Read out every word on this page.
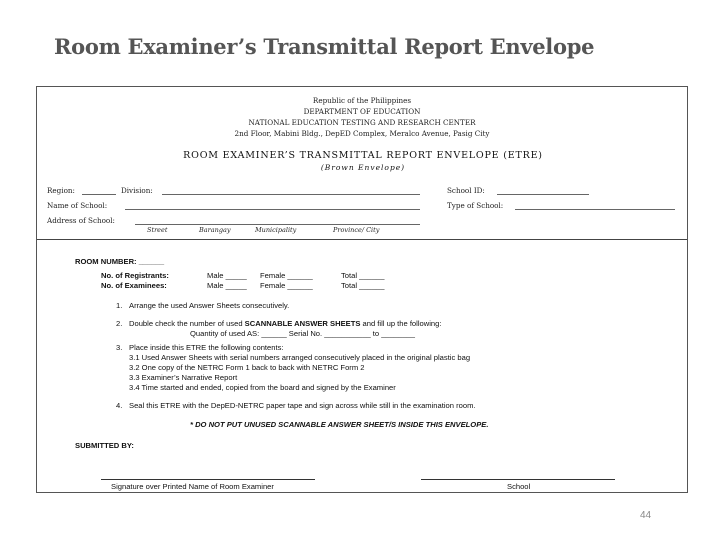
Room Examiner’s Transmittal Report Envelope
Republic of the Philippines
DEPARTMENT OF EDUCATION
NATIONAL EDUCATION TESTING AND RESEARCH CENTER
2nd Floor, Mabini Bldg., DepED Complex, Meralco Avenue, Pasig City
ROOM EXAMINER’S TRANSMITTAL REPORT ENVELOPE (ETRE)
(Brown Envelope)
Region:	Division:	School ID:
Name of School:	Type of School:
Address of School:
Street	Barangay	Municipality	Province/ City
ROOM NUMBER: ______
No. of Registrants:	Male _____ Female ______	Total ______
No. of Examinees:	Male _____ Female ______	Total ______
1. Arrange the used Answer Sheets consecutively.
2. Double check the number of used SCANNABLE ANSWER SHEETS and fill up the following:
Quantity of used AS: ______ Serial No. ___________ to ________
3. Place inside this ETRE the following contents:
3.1 Used Answer Sheets with serial numbers arranged consecutively placed in the original plastic bag
3.2 One copy of the NETRC Form 1 back to back with NETRC Form 2
3.3 Examiner’s Narrative Report
3.4 Time started and ended, copied from the board and signed by the Examiner
4. Seal this ETRE with the DepED-NETRC paper tape and sign across while still in the examination room.
* DO NOT PUT UNUSED SCANNABLE ANSWER SHEET/S INSIDE THIS ENVELOPE.
SUBMITTED BY:
Signature over Printed Name of Room Examiner	School
44
